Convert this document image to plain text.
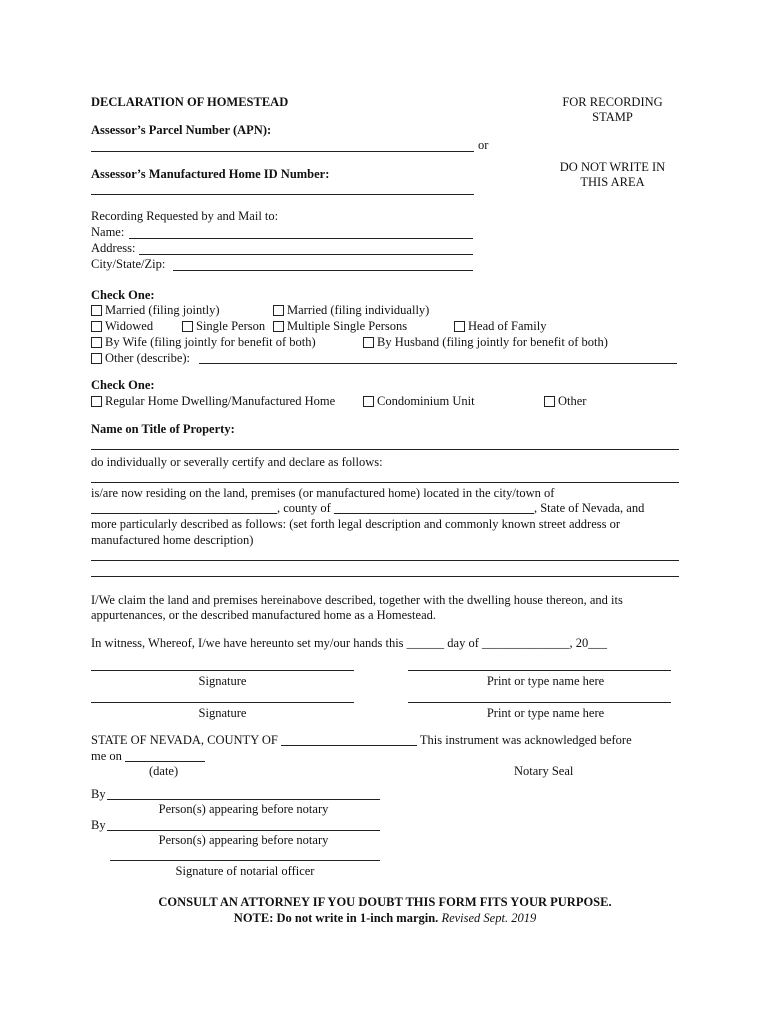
DECLARATION OF HOMESTEAD	FOR RECORDING
STAMP
Assessor’s Parcel Number (APN):
or
DO NOT WRITE IN
THIS AREA
Assessor’s Manufactured Home ID Number:
Recording Requested by and Mail to:
Name:
Address:
City/State/Zip:
Check One:
Married (filing jointly)	Married (filing individually)
Widowed	Single Person	Multiple Single Persons	Head of Family
By Wife (filing jointly for benefit of both)	By Husband (filing jointly for benefit of both)
Other (describe):
Check One:
Regular Home Dwelling/Manufactured Home	Condominium Unit	Other
Name on Title of Property:
do individually or severally certify and declare as follows:
is/are now residing on the land, premises (or manufactured home) located in the city/town of
, county of	, State of Nevada, and
more particularly described as follows: (set forth legal description and commonly known street address or
manufactured home description)
I/We claim the land and premises hereinabove described, together with the dwelling house thereon, and its
appurtenances, or the described manufactured home as a Homestead.
In witness, Whereof, I/we have hereunto set my/our hands this ______ day of ______________, 20___
Signature	Print or type name here
Signature	Print or type name here
STATE OF NEVADA, COUNTY OF	This instrument was acknowledged before
me on
(date)	Notary Seal
By
Person(s) appearing before notary
By
Person(s) appearing before notary
Signature of notarial officer
CONSULT AN ATTORNEY IF YOU DOUBT THIS FORM FITS YOUR PURPOSE.
NOTE: Do not write in 1-inch margin. Revised Sept. 2019
